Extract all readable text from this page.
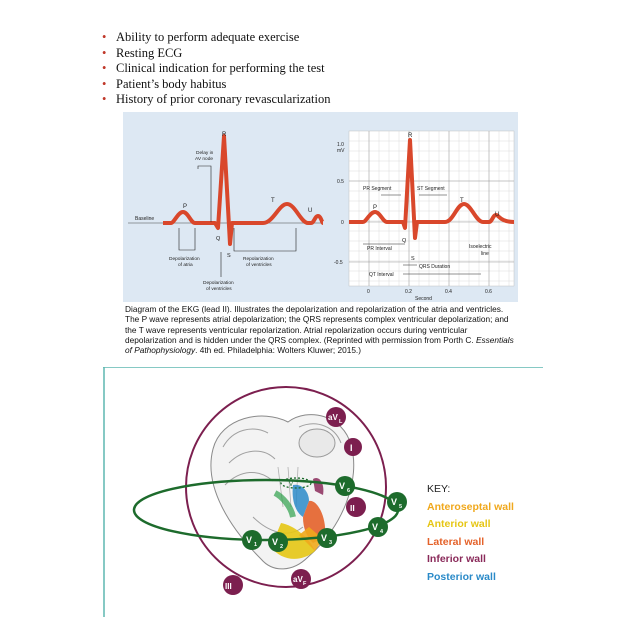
• Ability to perform adequate exercise
• Resting ECG
• Clinical indication for performing the test
• Patient’s body habitus
• History of prior coronary revascularization
Baseline
P
R
Q
S
T
U
Delay in
AV node
Depolarization
of atria
Repolarization
of ventricles
Depolarization
of ventricles
1.0
mV
0.5
0
-0.5
0	0.2	0.4	0.6
Second
R
P
T
U
Q
S
PR Segment	ST Segment
PR Interval
QRS Duration
QT Interval
Isoelectric
line
Diagram of the EKG (lead II). Illustrates the depolarization and repolarization of the atria and ventricles. The P wave represents atrial depolarization; the QRS represents complex ventricular depolarization; and the T wave represents ventricular repolarization. Atrial repolarization occurs during ventricular depolarization and is hidden under the QRS complex. (Reprinted with permission from Porth C. Essentials of Pathophysiology. 4th ed. Philadelphia: Wolters Kluwer; 2015.)
V
aV L
I
II
III
aV F
V 1 V 2
V 3
V 4
V 5
V 6	KEY:
Anteroseptal wall
Anterior wall
Lateral wall
Inferior wall
Posterior wall
